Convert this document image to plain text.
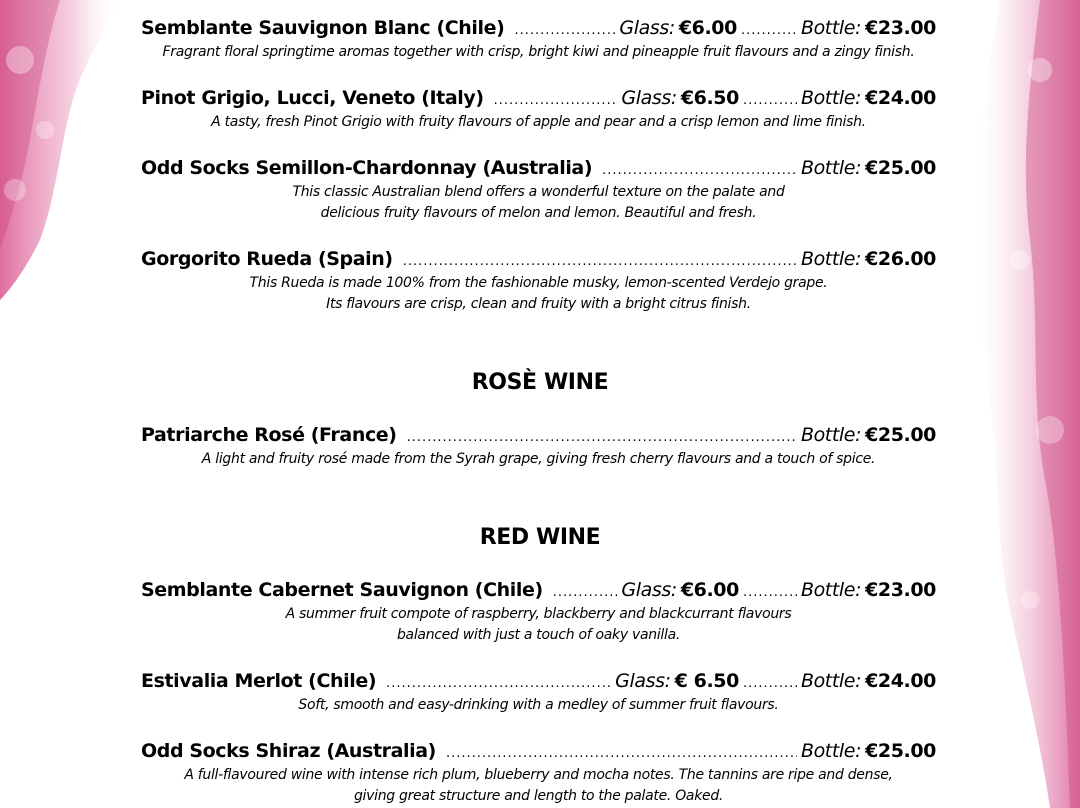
Semblante Sauvignon Blanc (Chile) .....	Glass: €6.00 .....	Bottle: €23.00
Fragrant floral springtime aromas together with crisp, bright kiwi and pineapple fruit flavours and a zingy finish.
Pinot Grigio, Lucci, Veneto (Italy) .....	Glass: €6.50 .....	Bottle: €24.00
A tasty, fresh Pinot Grigio with fruity flavours of apple and pear and a crisp lemon and lime finish.
Odd Socks Semillon-Chardonnay (Australia) .....	Bottle: €25.00
This classic Australian blend offers a wonderful texture on the palate and
delicious fruity flavours of melon and lemon. Beautiful and fresh.
Gorgorito Rueda (Spain) .....	Bottle: €26.00
This Rueda is made 100% from the fashionable musky, lemon-scented Verdejo grape.
Its flavours are crisp, clean and fruity with a bright citrus finish.
ROSÈ WINE
Patriarche Rosé (France) .....	Bottle: €25.00
A light and fruity rosé made from the Syrah grape, giving fresh cherry flavours and a touch of spice.
RED WINE
Semblante Cabernet Sauvignon (Chile) .....	Glass: €6.00 .....	Bottle: €23.00
A summer fruit compote of raspberry, blackberry and blackcurrant flavours
balanced with just a touch of oaky vanilla.
Estivalia Merlot (Chile) .....	Glass: € 6.50 .....	Bottle: €24.00
Soft, smooth and easy-drinking with a medley of summer fruit flavours.
Odd Socks Shiraz (Australia) .....	Bottle: €25.00
A full-flavoured wine with intense rich plum, blueberry and mocha notes. The tannins are ripe and dense,
giving great structure and length to the palate. Oaked.
